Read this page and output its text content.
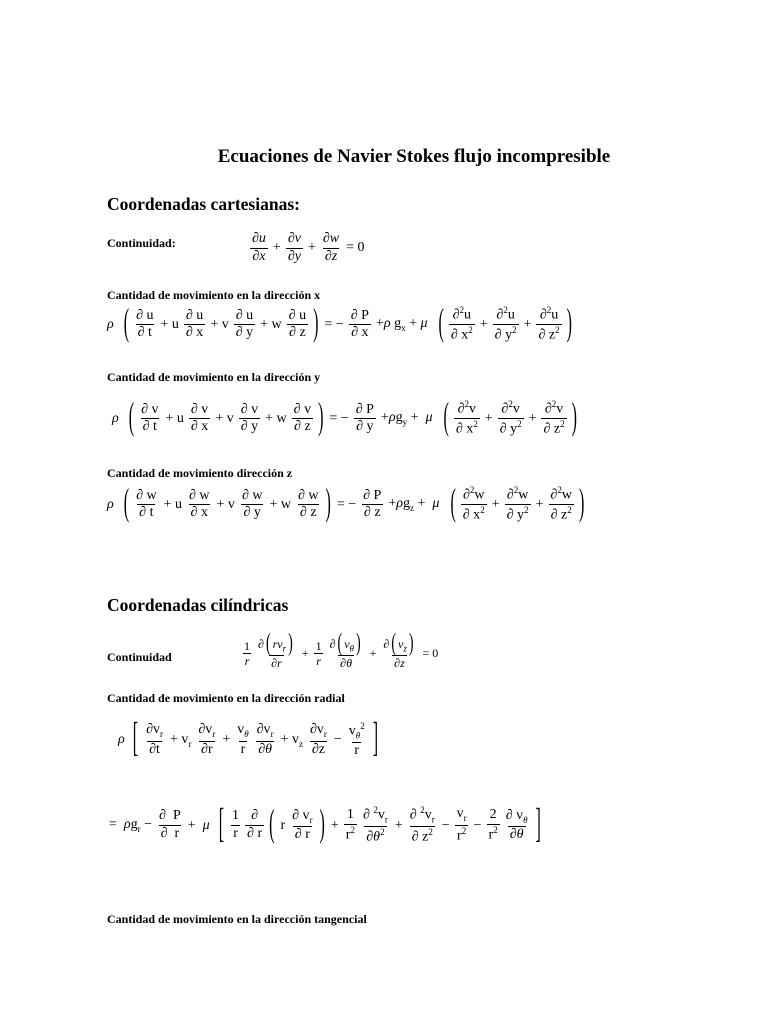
Ecuaciones de Navier Stokes flujo incompresible
Coordenadas cartesianas:
Continuidad:	$\frac{\partial u}{\partial x} + \frac{\partial v}{\partial y} + \frac{\partial w}{\partial z} = 0$
Cantidad de movimiento en la dirección x
ρ ( $\frac{\partial u}{\partial t} + u \frac{\partial u}{\partial x} + v \frac{\partial u}{\partial y} + w \frac{\partial u}{\partial z}$ ) = − $\frac{\partial P}{\partial x} +\rho$ $g_x + \mu$ ( $\frac{\partial^2u}{\partial x^2} + \frac{\partial^2u}{\partial y^2} + \frac{\partial^2u}{\partial z^2}$ )
Cantidad de movimiento en la dirección y
ρ ( $\frac{\partial v}{\partial t} + u \frac{\partial v}{\partial x} + v \frac{\partial v}{\partial y} + w \frac{\partial v}{\partial z}$ ) = − $\frac{\partial P}{\partial y} +\rho g_y + \mu$ ( $\frac{\partial^2v}{\partial x^2} + \frac{\partial^2v}{\partial y^2} + \frac{\partial^2v}{\partial z^2}$ )
Cantidad de movimiento dirección z
ρ ( $\frac{\partial w}{\partial t} + u \frac{\partial w}{\partial x} + v \frac{\partial w}{\partial y} + w \frac{\partial w}{\partial z}$ ) = − $\frac{\partial P}{\partial z} +\rho g_z + \mu$ ( $\frac{\partial^2w}{\partial x^2} + \frac{\partial^2w}{\partial y^2} + \frac{\partial^2w}{\partial z^2}$ )
Coordenadas cilíndricas
Continuidad	$\frac{1}{r} \frac{\partial ( rv_r )}{\partial r} + \frac{1}{r} \frac{\partial ( v_\theta )}{\partial\theta} + \frac{\partial ( v_z )}{\partial z} = 0$
Cantidad de movimiento en la dirección radial
ρ [ $\frac{\partial v_r}{\partial t} + v_r \frac{\partial v_r}{\partial r} + \frac{v_\theta}{r} \frac{\partial v_r}{\partial\theta} + v_z \frac{\partial v_r}{\partial z} - \frac{v_\theta^2}{r}$ ]
=  $\rho g_r - \frac{\partial P}{\partial r} + \mu$ [ $\frac{1}{r} \frac{\partial}{\partial r}$ ( r $\frac{\partial v_r}{\partial r}$ ) + $\frac{1}{r^2} \frac{\partial ^2v_r}{\partial\theta^2} + \frac{\partial ^2v_r}{\partial z^2} - \frac{v_r}{r^2} - \frac{2}{r^2} \frac{\partial v_\theta}{\partial\theta}$ ]
Cantidad de movimiento en la dirección tangencial
